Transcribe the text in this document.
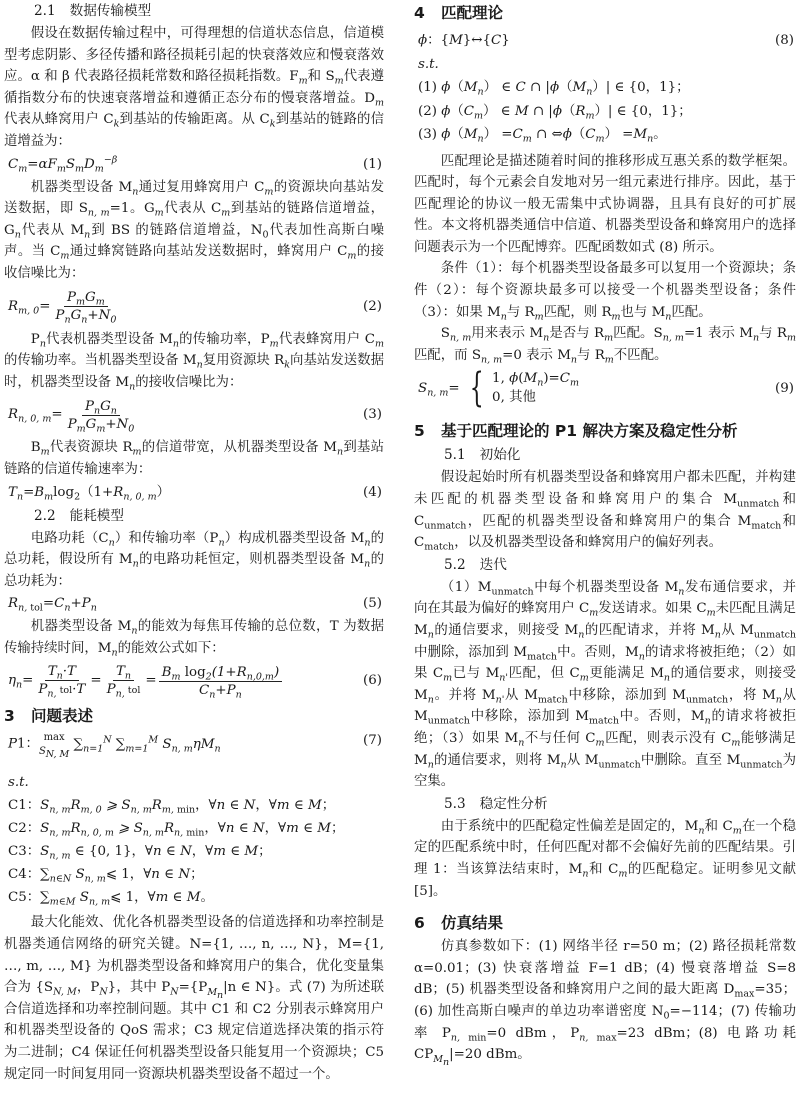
2.1 数据传输模型

假设在数据传输过程中，可得理想的信道状态信息，信道模型考虑阴影、多径传播和路径损耗引起的快衰落效应和慢衰落效应。α 和 β 代表路径损耗常数和路径损耗指数。$F_m$和 $S_m$代表遵循指数分布的快速衰落增益和遵循正态分布的慢衰落增益。$D_m$代表从蜂窝用户 $C_k$到基站的传输距离。从 $C_k$到基站的链路的信道增益为：

$C_m=\alpha F_mS_mD_m^{-\beta}$	(1)

机器类型设备 $M_n$通过复用蜂窝用户 $C_m$的资源块向基站发送数据，即 $S_{n, m}=1$。$G_m$代表从 $C_m$到基站的链路信道增益，$G_n$代表从 $M_n$到 BS 的链路信道增益，$N_0$代表加性高斯白噪声。当 $C_m$通过蜂窝链路向基站发送数据时，蜂窝用户 $C_m$的接收信噪比为：

$R_{m, 0} = \frac{P_mG_m}{P_nG_n+N_0}$	(2)

$P_n$代表机器类型设备 $M_n$的传输功率，$P_m$代表蜂窝用户 $C_m$的传输功率。当机器类型设备 $M_n$复用资源块 $R_k$向基站发送数据时，机器类型设备 $M_n$的接收信噪比为：

$R_{n, 0, m} = \frac{P_nG_n}{P_mG_m+N_0}$	(3)

$B_m$代表资源块 $R_m$的信道带宽，从机器类型设备 $M_n$到基站链路的信道传输速率为：

$T_n=B_m\log_2(1+R_{n, 0, m})$	(4)
2.2 能耗模型

电路功耗$(C_n)$和传输功率$(P_n)$构成机器类型设备 $M_n$的总功耗，假设所有 $M_n$的电路功耗恒定，则机器类型设备 $M_n$的总功耗为：

$R_{n,}$ $_{tol}=C_n+P_n$	(5)

机器类型设备 $M_n$的能效为每焦耳传输的总位数，T 为数据传输持续时间，$M_n$的能效公式如下：

$\eta_n = \frac{T_n\cdot T}{P_{n,} tol\cdot T} = \frac{T_n}{P_{n,} tol} = \frac{B_m \log_2(1+R_{n,0,m})}{C_n+P_n}$	(6)
3 问题表述
P1： max
$S_{N, M}$ $\sum_{n=1}^N$ $\sum_{m=1}^M$ $S_{n, m}\eta M_n$
(7)
s.t.
C1：$S_{n, m}R_{m, 0}$ ⩾ $S_{n, m}R_{m,}$ $_{min}$，∀n ∈ N，∀m ∈ M；
C2：$S_{n, m}R_{n, 0, m}$ ⩾ $S_{n, m}R_{n,}$ $_{min}$，∀n ∈ N，∀m ∈ M；
C3：$S_{n, m}$ ∈ {0, 1}，∀n ∈ N，∀m ∈ M；
C4：$\sum_{n\in N}$ $S_{n, m}⩽$ 1，∀n ∈ N；
C5：$\sum_{m\in M}$ $S_{n, m}⩽$ 1，∀m ∈ M。

最大化能效、优化各机器类型设备的信道选择和功率控制是机器类通信网络的研究关键。N={1, …, n, …, N}，M={1, …, m, …, M} 为机器类型设备和蜂窝用户的集合，优化变量集合为 {$S_{N, M}$，$P_N$}，其中 $P_N=\{P_{M_n}|n$ ∈ N}。式 (7) 为所述联合信道选择和功率控制问题。其中 C1 和 C2 分别表示蜂窝用户和机器类型设备的 QoS 需求；C3 规定信道选择决策的指示符为二进制；C4 保证任何机器类型设备只能复用一个资源块；C5 规定同一时间复用同一资源块机器类型设备不超过一个。

4 匹配理论
ϕ：{M}↔{C}	(8)
s.t.
(1) $\phi(M_n)$ ∈ C ∩ $|\phi(M_n)|$ ∈ {0，1}；
(2) $\phi(C_m)$ ∈ M ∩ $|\phi(R_m)|$ ∈ {0，1}；
(3) $\phi(M_n) =C_m$ ∩ $\Leftrightarrow\phi(C_m) =M_n$。

匹配理论是描述随着时间的推移形成互惠关系的数学框架。匹配时，每个元素会自发地对另一组元素进行排序。因此，基于匹配理论的协议一般无需集中式协调器，且具有良好的可扩展性。本文将机器类通信中信道、机器类型设备和蜂窝用户的选择问题表示为一个匹配博弈。匹配函数如式 (8) 所示。

条件（1）：每个机器类型设备最多可以复用一个资源块；条件（2）：每个资源块最多可以接受一个机器类型设备；条件（3）：如果 $M_n$与 $R_m$匹配，则 $R_m$也与 $M_n$匹配。

$S_{n, m}$用来表示 $M_n$是否与 $R_m$匹配。$S_{n, m}=1$ 表示 $M_n$与 $R_m$匹配，而 $S_{n, m}=0$ 表示 $M_n$与 $R_m$不匹配。

$S_{n, m}$ = { 1, $\phi(M_n)=C_m$
0, 其他
(9)
5 基于匹配理论的 P1 解决方案及稳定性分析
5.1 初始化

假设起始时所有机器类型设备和蜂窝用户都未匹配，并构建未匹配的机器类型设备和蜂窝用户的集合 $M_{unmatch}$和 $C_{unmatch}$，匹配的机器类型设备和蜂窝用户的集合 $M_{match}$和 $C_{match}$，以及机器类型设备和蜂窝用户的偏好列表。

5.2 迭代

$(1)M_{unmatch}$中每个机器类型设备 $M_n$发布通信要求，并向在其最为偏好的蜂窝用户 $C_m$发送请求。如果 $C_m$未匹配且满足 $M_n$的通信要求，则接受 $M_n$的匹配请求，并将 $M_n$从 $M_{unmatch}$中删除，添加到 $M_{match}$中。否则，$M_n$的请求将被拒绝；（2）如果 $C_m$已与 $M_{n'}$匹配，但 $C_m$更能满足 $M_n$的通信要求，则接受 $M_n$。并将 $M_{n'}$从 $M_{match}$中移除，添加到 $M_{unmatch}$，将 $M_n$从 $M_{unmatch}$中移除，添加到 $M_{match}$中。否则，$M_n$的请求将被拒绝；（3）如果 $M_n$不与任何 $C_m$匹配，则表示没有 $C_m$能够满足 $M_n$的通信要求，则将 $M_n$从 $M_{unmatch}$中删除。直至 $M_{unmatch}$为空集。

5.3 稳定性分析

由于系统中的匹配稳定性偏差是固定的，$M_n$和 $C_m$在一个稳定的匹配系统中时，任何匹配对都不会偏好先前的匹配结果。引理 1：当该算法结束时，$M_n$和 $C_m$的匹配稳定。证明参见文献 [5]。

6 仿真结果

仿真参数如下：(1) 网络半径 r=50 m；(2) 路径损耗常数 α=0.01；(3) 快衰落增益 F=1 dB；(4) 慢衰落增益 S=8 dB；(5) 机器类型设备和蜂窝用户之间的最大距离 $D_{max}=35$；(6) 加性高斯白噪声的单边功率谱密度 $N_0=-114$；(7) 传输功率 $P_{n,}$ $_{min}$=0 dBm，$P_{n,}$ $_{max}$=23 dBm；(8) 电路功耗 $CP_{M_n}|=20$ dBm。
